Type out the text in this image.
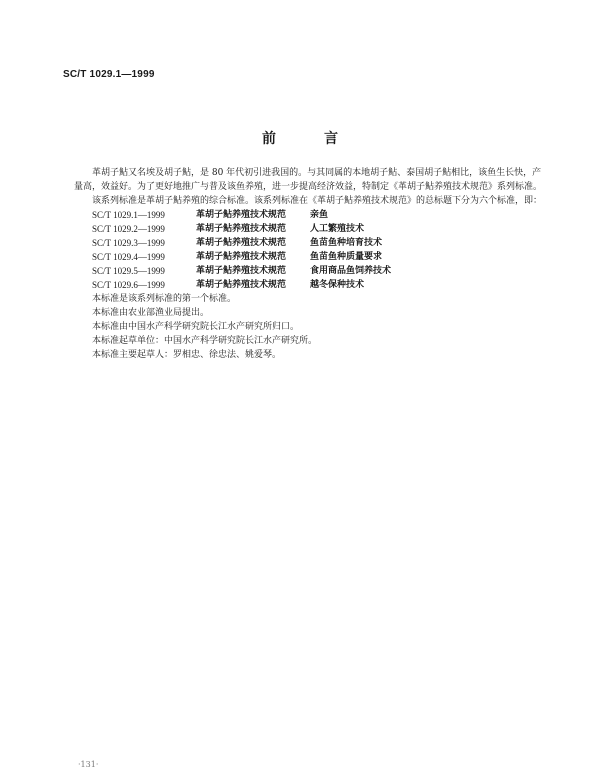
SC/T 1029.1—1999
前言

革胡子鲇又名埃及胡子鲇，是 80 年代初引进我国的。与其同属的本地胡子鲇、泰国胡子鲇相比，该鱼生长快，产量高，效益好。为了更好地推广与普及该鱼养殖，进一步提高经济效益，特制定《革胡子鲇养殖技术规范》系列标准。

该系列标准是革胡子鲇养殖的综合标准。该系列标准在《革胡子鲇养殖技术规范》的总标题下分为六个标准，即：

SC/T 1029.1—1999	革胡子鲇养殖技术规范	亲鱼
SC/T 1029.2—1999	革胡子鲇养殖技术规范	人工繁殖技术
SC/T 1029.3—1999	革胡子鲇养殖技术规范	鱼苗鱼种培育技术
SC/T 1029.4—1999	革胡子鲇养殖技术规范	鱼苗鱼种质量要求
SC/T 1029.5—1999	革胡子鲇养殖技术规范	食用商品鱼饲养技术
SC/T 1029.6—1999	革胡子鲇养殖技术规范	越冬保种技术

本标准是该系列标准的第一个标准。

本标准由农业部渔业局提出。

本标准由中国水产科学研究院长江水产研究所归口。

本标准起草单位：中国水产科学研究院长江水产研究所。

本标准主要起草人：罗相忠、徐忠法、姚爱琴。

·131·
